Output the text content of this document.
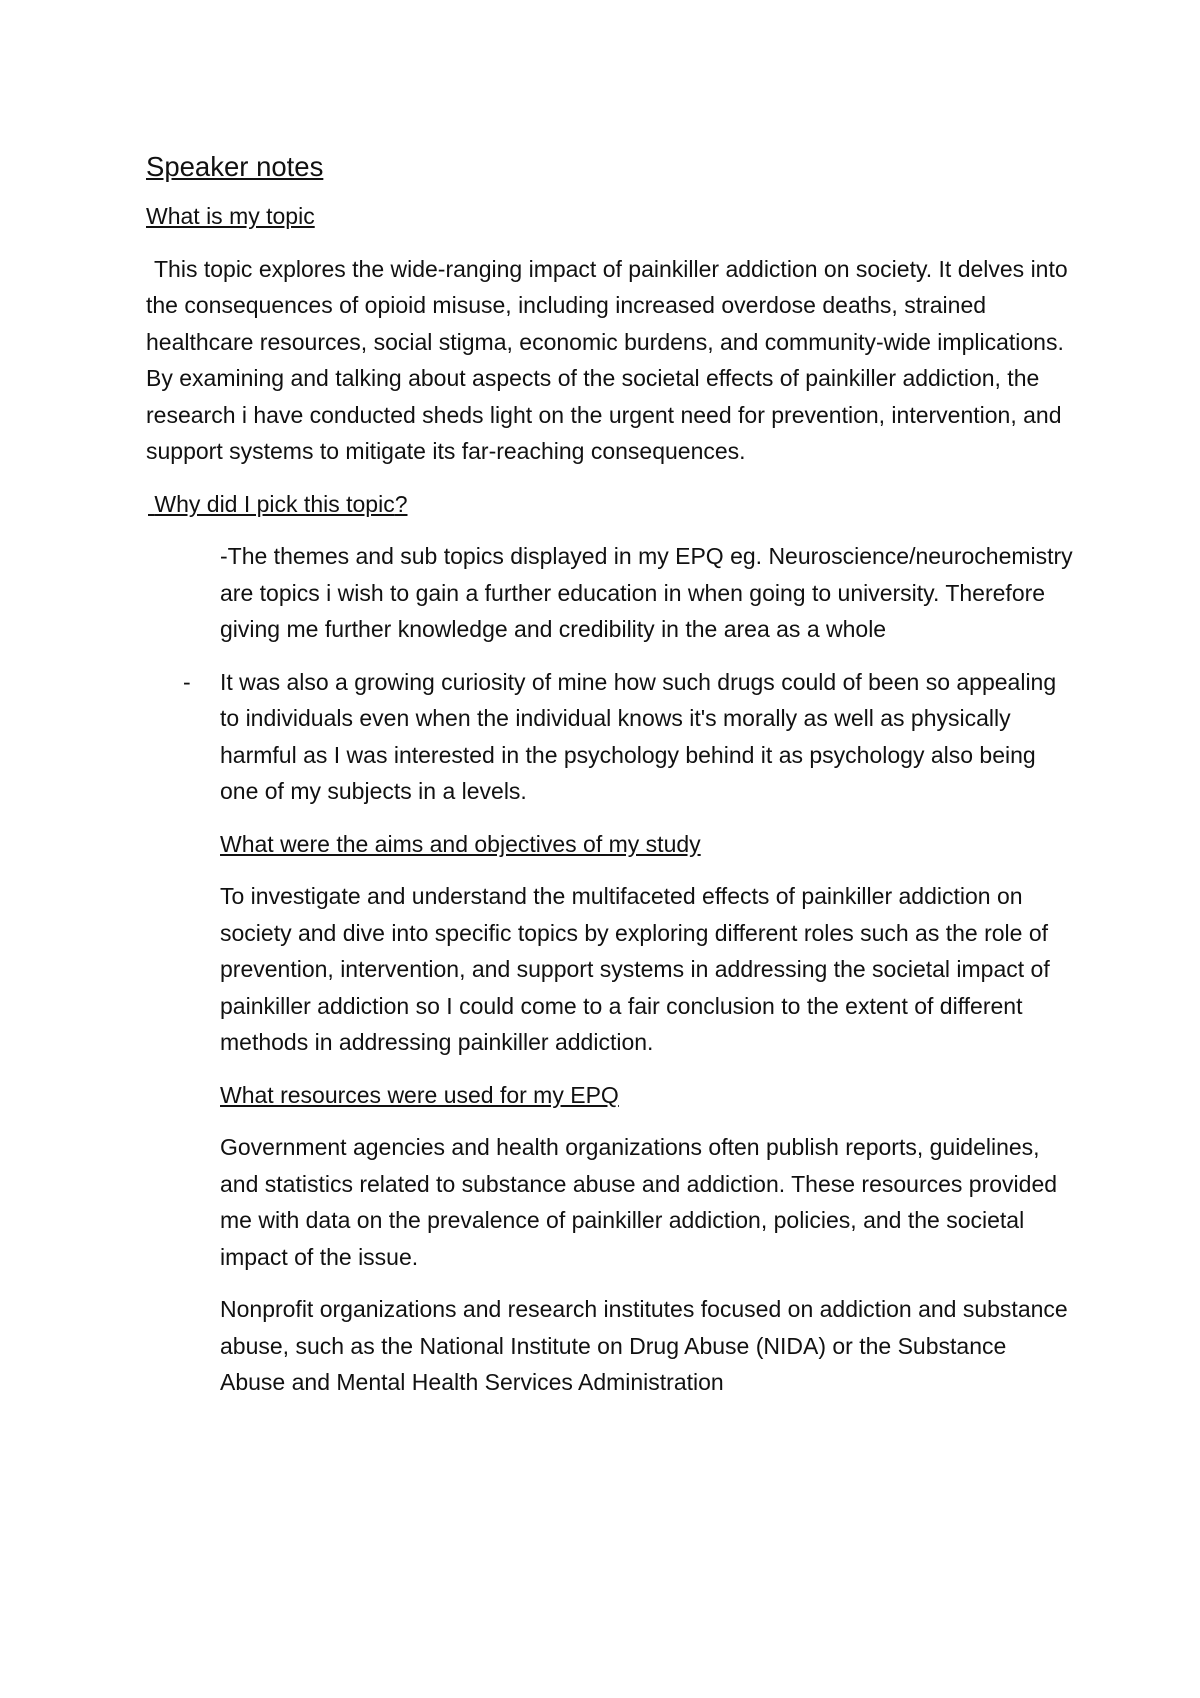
Speaker notes
What is my topic
This topic explores the wide-ranging impact of painkiller addiction on society. It delves into the consequences of opioid misuse, including increased overdose deaths, strained healthcare resources, social stigma, economic burdens, and community-wide implications. By examining and talking about aspects of the societal effects of painkiller addiction, the research i have conducted sheds light on the urgent need for prevention, intervention, and support systems to mitigate its far-reaching consequences.
Why did I pick this topic?
-The themes and sub topics displayed in my EPQ eg. Neuroscience/neurochemistry are topics i wish to gain a further education in when going to university. Therefore giving me further knowledge and credibility in the area as a whole
- It was also a growing curiosity of mine how such drugs could of been so appealing to individuals even when the individual knows it's morally as well as physically harmful as I was interested in the psychology behind it as psychology also being one of my subjects in a levels.
What were the aims and objectives of my study
To investigate and understand the multifaceted effects of painkiller addiction on society and dive into specific topics by exploring different roles such as the role of prevention, intervention, and support systems in addressing the societal impact of painkiller addiction so I could come to a fair conclusion to the extent of different methods in addressing painkiller addiction.
What resources were used for my EPQ
Government agencies and health organizations often publish reports, guidelines, and statistics related to substance abuse and addiction. These resources provided me with data on the prevalence of painkiller addiction, policies, and the societal impact of the issue.
Nonprofit organizations and research institutes focused on addiction and substance abuse, such as the National Institute on Drug Abuse (NIDA) or the Substance Abuse and Mental Health Services Administration
